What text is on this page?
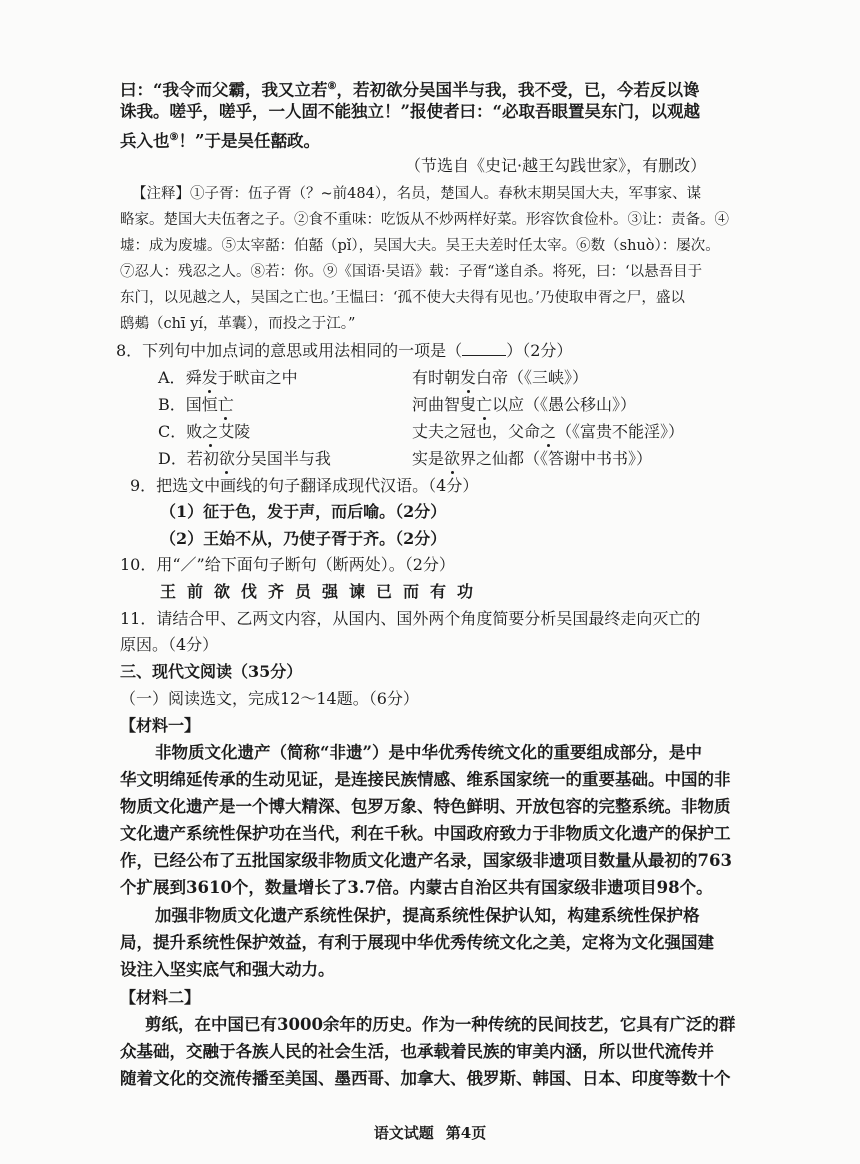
曰：“我令而父霸，我又立若⑧，若初欲分吴国半与我，我不受，已，今若反以谗
诛我。嗟乎，嗟乎，一人固不能独立！”报使者曰：“必取吾眼置吴东门，以观越
兵入也⑨！”于是吴任嚭政。
（节选自《史记·越王勾践世家》，有删改）
【注释】①子胥：伍子胥（？~前484），名员，楚国人。春秋末期吴国大夫，军事家、谋
略家。楚国大夫伍奢之子。②食不重味：吃饭从不炒两样好菜。形容饮食俭朴。③让：责备。④
墟：成为废墟。⑤太宰嚭：伯嚭（pǐ），吴国大夫。吴王夫差时任太宰。⑥数（shuò）：屡次。
⑦忍人：残忍之人。⑧若：你。⑨《国语·吴语》载：子胥“遂自杀。将死，曰：‘以悬吾目于
东门，以见越之人，吴国之亡也。’王愠曰：‘孤不使大夫得有见也。’乃使取申胥之尸，盛以
鸱鴺（chī yí，革囊），而投之于江。”
8．下列句中加点词的意思或用法相同的一项是（	）（2分）
A．舜发于畎亩之中	有时朝发白帝（《三峡》）
B．国恒亡	河曲智叟亡以应（《愚公移山》）
C．败之艾陵	丈夫之冠也，父命之（《富贵不能淫》）
D．若初欲分吴国半与我	实是欲界之仙都（《答谢中书书》）
9．把选文中画线的句子翻译成现代汉语。（4分）
（1）征于色，发于声，而后喻。（2分）
（2）王始不从，乃使子胥于齐。（2分）
10．用“／”给下面句子断句（断两处）。（2分）
王前欲伐齐员强谏已而有功
11．请结合甲、乙两文内容，从国内、国外两个角度简要分析吴国最终走向灭亡的
原因。（4分）
三、现代文阅读（35分）
（一）阅读选文，完成12～14题。（6分）
【材料一】
非物质文化遗产（简称“非遗”）是中华优秀传统文化的重要组成部分，是中
华文明绵延传承的生动见证，是连接民族情感、维系国家统一的重要基础。中国的非
物质文化遗产是一个博大精深、包罗万象、特色鲜明、开放包容的完整系统。非物质
文化遗产系统性保护功在当代，利在千秋。中国政府致力于非物质文化遗产的保护工
作，已经公布了五批国家级非物质文化遗产名录，国家级非遗项目数量从最初的763
个扩展到3610个，数量增长了3.7倍。内蒙古自治区共有国家级非遗项目98个。
加强非物质文化遗产系统性保护，提高系统性保护认知，构建系统性保护格
局，提升系统性保护效益，有利于展现中华优秀传统文化之美，定将为文化强国建
设注入坚实底气和强大动力。
【材料二】
剪纸，在中国已有3000余年的历史。作为一种传统的民间技艺，它具有广泛的群
众基础，交融于各族人民的社会生活，也承载着民族的审美内涵，所以世代流传并
随着文化的交流传播至美国、墨西哥、加拿大、俄罗斯、韩国、日本、印度等数十个
语文试题 第4页
